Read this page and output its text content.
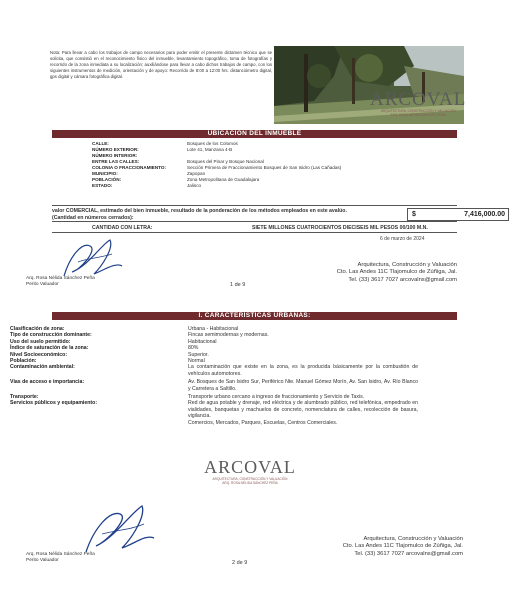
Nota: Para llevar a cabo los trabajos de campo necesarios para poder emitir el presente dictamen técnico que se solicita, que consistió en el reconocimiento físico del inmueble, levantamiento topográfico, toma de fotografías y recorrido de la zona inmediata a su localización; auxiliándose para llevar a cabo dichos trabajos de campo, con los siguientes instrumentos de medición, orientación y de apoyo: Recorrido de 8:00 a 12:00 hrs. distanciómetro digital, gps digital y cámara fotográfica digital.

ARCOVAL
ARQUITECTURA, CONSTRUCCIÓN Y VALUACIÓN
ARQ. ROSA NÉLIDA SÁNCHEZ PEÑA
UBICACIÓN DEL INMUEBLE
CALLE:	Bosques de los Colomos
NÚMERO EXTERIOR:	Lote 41, Manzana 4-B
NÚMERO INTERIOR:
ENTRE LAS CALLES:	Bosques del Pinar y Bosque Nacional
COLONIA O FRACCIONAMIENTO:	Sección Primera de Fraccionamiento Bosques de San Isidro (Las Cañadas)
MUNICIPIO:	Zapopan
POBLACIÓN:	Zona Metropolitana de Guadalajara
ESTADO:	Jalisco
valor COMERCIAL, estimado del bien inmueble, resultado de la ponderación de los métodos empleados en este avalúo. (Cantidad en números cerrados):	$	7,416,000.00
CANTIDAD CON LETRA:	SIETE MILLONES CUATROCIENTOS DIECISEIS MIL PESOS 00/100 M.N.
6 de marzo de 2024
Arq. Rosa Nélida Sánchez Peña
Perito Valuador	1 de 9
Arquitectura, Construcción y Valuación
Cto. Las Andes 11C Tlajomulco de Zúñiga, Jal.
Tel. (33) 3617 7027 arcovalns@gmail.com
I. CARACTERÍSTICAS URBANAS:
Clasificación de zona:	Urbana - Habitacional
Tipo de construcción dominante:	Fincas semimodernas y modernas.
Uso del suelo permitido:	Habitacional
Índice de saturación de la zona:	80%
Nivel Socioeconómico:	Superior.
Población:	Normal
Contaminación ambiental:	La contaminación que existe en la zona, es la producida básicamente por la combustión de vehículos automotores.
Vías de acceso e importancia:	Av. Bosques de San Isidro Sur, Periférico Nte. Manuel Gómez Morín, Av. San Isidro, Av. Río Blanco y Carretera a Saltillo.
Transporte:	Transporte urbano cercano a ingreso de fraccionamiento y Servicio de Taxis.
Servicios públicos y equipamiento:	Red de agua potable y drenaje, red eléctrica y de alumbrado público, red telefónica, empedrado en vialidades, banquetas y machuelos de concreto, nomenclatura de calles, recolección de basura, vigilancia.
Comercios, Mercados, Parques, Escuelas, Centros Comerciales.
ARCOVAL
ARQUITECTURA, CONSTRUCCIÓN Y VALUACIÓN
ARQ. ROSA NÉLIDA SÁNCHEZ PEÑA
Arq. Rosa Nélida Sánchez Peña
Perito Valuador	2 de 9
Arquitectura, Construcción y Valuación
Cto. Las Andes 11C Tlajomulco de Zúñiga, Jal.
Tel. (33) 3617 7027 arcovalns@gmail.com
